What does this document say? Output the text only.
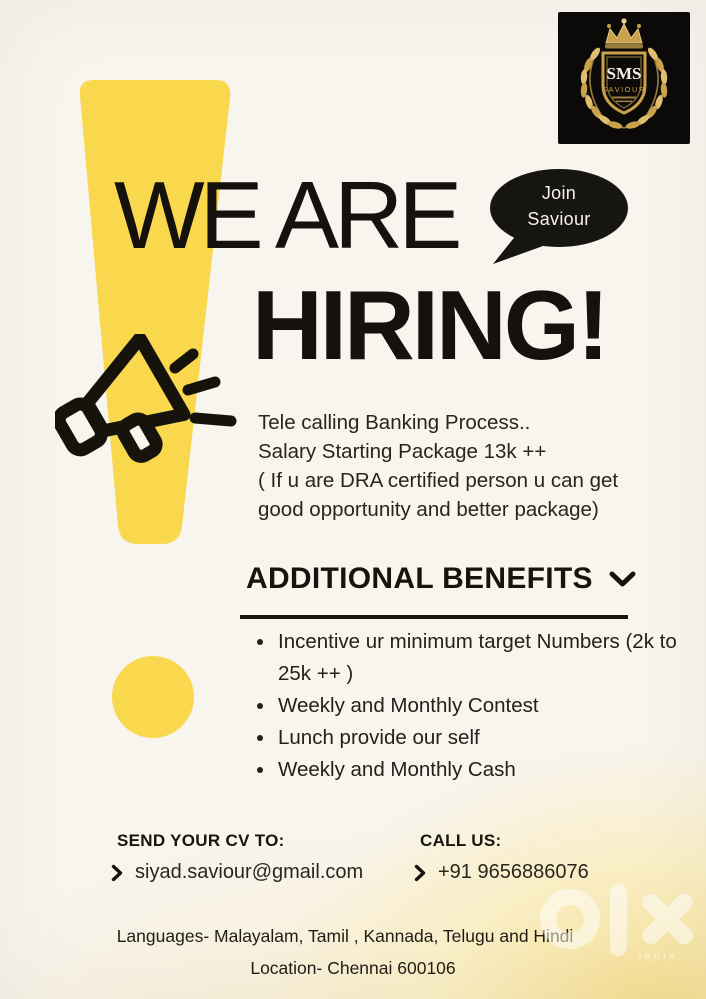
SMS
SAVIOUR
Join
Saviour
WE ARE
HIRING!
Tele calling Banking Process..
Salary Starting Package 13k ++
( If u are DRA certified person u can get
good opportunity and better package)
ADDITIONAL BENEFITS
• Incentive ur minimum target Numbers (2k to 25k ++ )
• Weekly and Monthly Contest
• Lunch provide our self
• Weekly and Monthly Cash
SEND YOUR CV TO:	CALL US:
siyad.saviour@gmail.com	+91 9656886076
Languages- Malayalam, Tamil , Kannada, Telugu and Hindi
Location- Chennai 600106
INDIA
